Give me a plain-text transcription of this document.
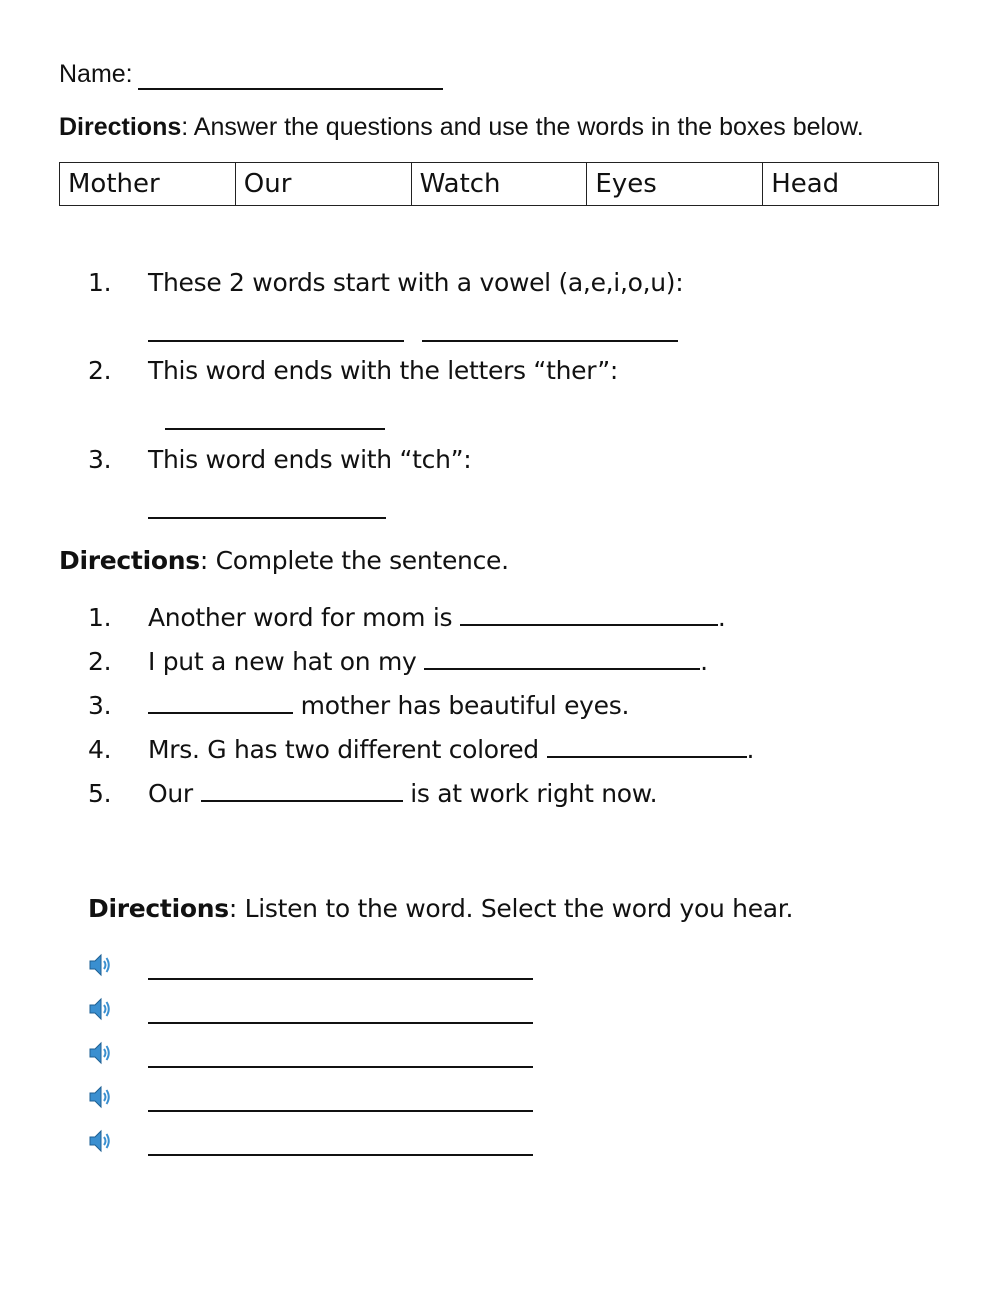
Name:
Directions: Answer the questions and use the words in the boxes below.
Mother	Our	Watch	Eyes	Head
1.	These 2 words start with a vowel (a,e,i,o,u):
2.	This word ends with the letters “ther”:
3.	This word ends with “tch”:
Directions: Complete the sentence.
1.	Another word for mom is	.
2.	I put a new hat on my	.
3.	mother has beautiful eyes.
4.	Mrs. G has two different colored	.
5.	Our	is at work right now.
Directions: Listen to the word. Select the word you hear.
